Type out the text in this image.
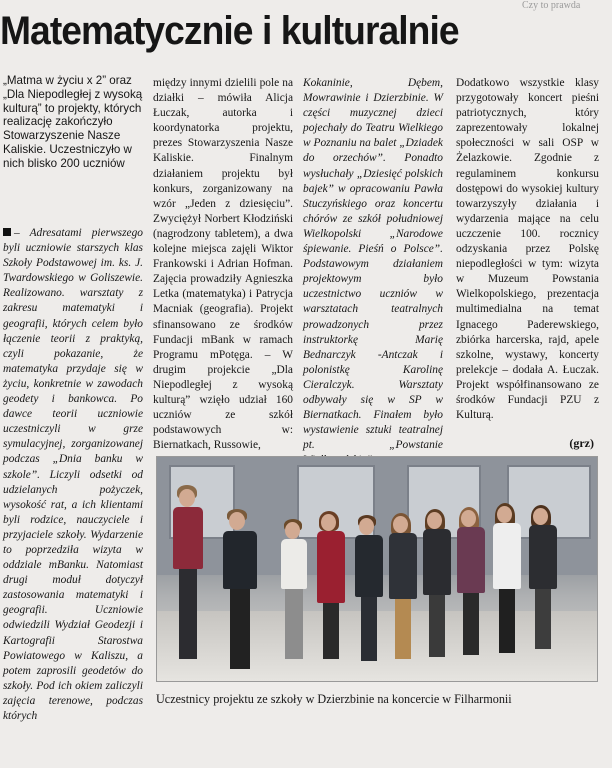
Czy to prawda
Matematycznie i kulturalnie

„Matma w życiu x 2” oraz „Dla Niepodległej z wysoką kulturą” to projekty, których realizację zakończyło Stowarzyszenie Nasze Kaliskie. Uczestniczyło w nich blisko 200 uczniów

– Adresatami pierwszego byli uczniowie starszych klas Szkoły Podstawowej im. ks. J. Twardowskiego w Goliszewie. Realizowano. warsztaty z zakresu matematyki i geografii, których celem było łączenie teorii z praktyką, czyli pokazanie, że matematyka przydaje się w życiu, konkretnie w zawodach geodety i bankowca. Po dawce teorii uczniowie uczestniczyli w grze symulacyjnej, zorganizowanej podczas „Dnia banku w szkole”. Liczyli odsetki od udzielanych pożyczek, wysokość rat, a ich klientami byli rodzice, nauczyciele i przyjaciele szkoły. Wydarzenie to poprzedziła wizyta w oddziale mBanku. Natomiast drugi moduł dotyczył zastosowania matematyki i geografii. Uczniowie odwiedzili Wydział Geodezji i Kartografii Starostwa Powiatowego w Kaliszu, a potem zaprosili geodetów do szkoły. Pod ich okiem zaliczyli zajęcia terenowe, podczas których

między innymi dzielili pole na działki – mówiła Alicja Łuczak, autorka i koordynatorka projektu, prezes Stowarzyszenia Nasze Kaliskie. Finalnym działaniem projektu był konkurs, zorganizowany na wzór „Jeden z dziesięciu”. Zwyciężył Norbert Kłodziński (nagrodzony tabletem), a dwa kolejne miejsca zajęli Wiktor Frankowski i Adrian Hofman. Zajęcia prowadziły Agnieszka Letka (matematyka) i Patrycja Macniak (geografia). Projekt sfinansowano ze środków Fundacji mBank w ramach Programu mPotęga. – W drugim projekcie „Dla Niepodległej z wysoką kulturą” wzięło udział 160 uczniów ze szkół podstawowych w: Biernatkach, Russowie,

Kokaninie, Dębem, Mowrawinie i Dzierzbinie. W części muzycznej dzieci pojechały do Teatru Wielkiego w Poznaniu na balet „Dziadek do orzechów”. Ponadto wysłuchały „Dziesięć polskich bajek” w opracowaniu Pawła Stuczyńskiego oraz koncertu chórów ze szkół południowej Wielkopolski „Narodowe śpiewanie. Pieśń o Polsce”. Podstawowym działaniem projektowym było uczestnictwo uczniów w warsztatach teatralnych prowadzonych przez instruktorkę Marię Bednarczyk -Antczak i polonistkę Karolinę Cieralczyk. Warsztaty odbywały się w SP w Biernatkach. Finałem było wystawienie sztuki teatralnej pt. „Powstanie

Dodatkowo wszystkie klasy przygotowały koncert pieśni patriotycznych, który zaprezentowały lokalnej społeczności w sali OSP w Żelazkowie. Zgodnie z regulaminem konkursu dostępowi do wysokiej kultury towarzyszyły działania i wydarzenia mające na celu uczczenie 100. rocznicy odzyskania przez Polskę niepodległości w tym: wizyta w Muzeum Powstania Wielkopolskiego, prezentacja multimedialna na temat Ignacego Paderewskiego, zbiórka harcerska, rajd, apele szkolne, wystawy, koncerty prelekcje – dodała A. Łuczak. Projekt współfinansowano ze środków Fundacji PZU z Kulturą.

(grz)
Uczestnicy projektu ze szkoły w Dzierzbinie na koncercie w Filharmonii
